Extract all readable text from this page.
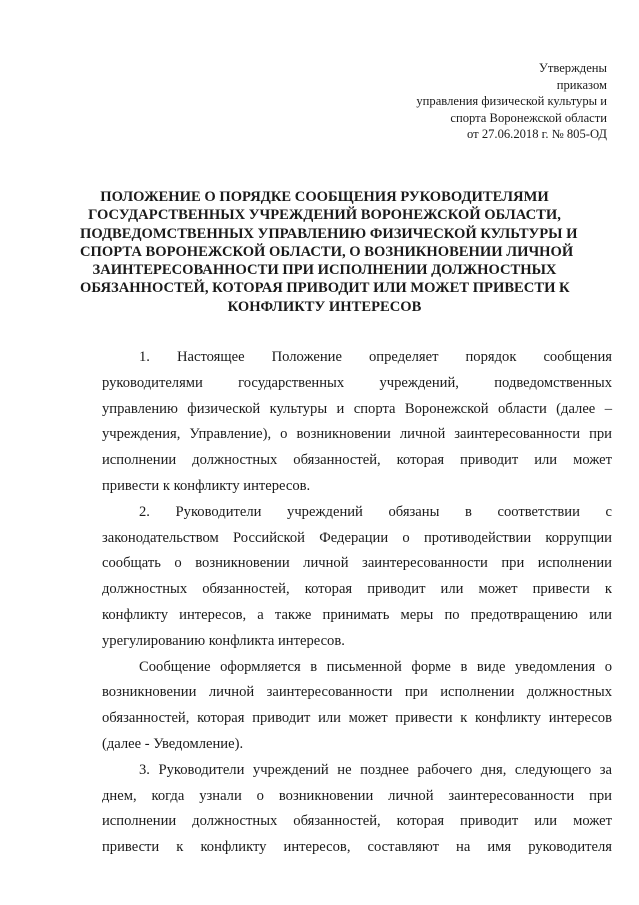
Утверждены
приказом
управления физической культуры и
спорта Воронежской области
от 27.06.2018 г. № 805-ОД
ПОЛОЖЕНИЕ О ПОРЯДКЕ СООБЩЕНИЯ РУКОВОДИТЕЛЯМИ
ГОСУДАРСТВЕННЫХ УЧРЕЖДЕНИЙ ВОРОНЕЖСКОЙ ОБЛАСТИ,
ПОДВЕДОМСТВЕННЫХ УПРАВЛЕНИЮ ФИЗИЧЕСКОЙ КУЛЬТУРЫ И
СПОРТА ВОРОНЕЖСКОЙ ОБЛАСТИ, О ВОЗНИКНОВЕНИИ ЛИЧНОЙ
ЗАИНТЕРЕСОВАННОСТИ ПРИ ИСПОЛНЕНИИ ДОЛЖНОСТНЫХ
ОБЯЗАННОСТЕЙ, КОТОРАЯ ПРИВОДИТ ИЛИ МОЖЕТ ПРИВЕСТИ К
КОНФЛИКТУ ИНТЕРЕСОВ
1. Настоящее Положение определяет порядок сообщения
руководителями государственных учреждений, подведомственных
управлению физической культуры и спорта Воронежской области (далее –
учреждения, Управление), о возникновении личной заинтересованности при
исполнении должностных обязанностей, которая приводит или может
привести к конфликту интересов.
2. Руководители учреждений обязаны в соответствии с
законодательством Российской Федерации о противодействии коррупции
сообщать о возникновении личной заинтересованности при исполнении
должностных обязанностей, которая приводит или может привести к
конфликту интересов, а также принимать меры по предотвращению или
урегулированию конфликта интересов.
Сообщение оформляется в письменной форме в виде уведомления о
возникновении личной заинтересованности при исполнении должностных
обязанностей, которая приводит или может привести к конфликту интересов
(далее - Уведомление).
3. Руководители учреждений не позднее рабочего дня, следующего за
днем, когда узнали о возникновении личной заинтересованности при
исполнении должностных обязанностей, которая приводит или может
привести к конфликту интересов, составляют на имя руководителя
